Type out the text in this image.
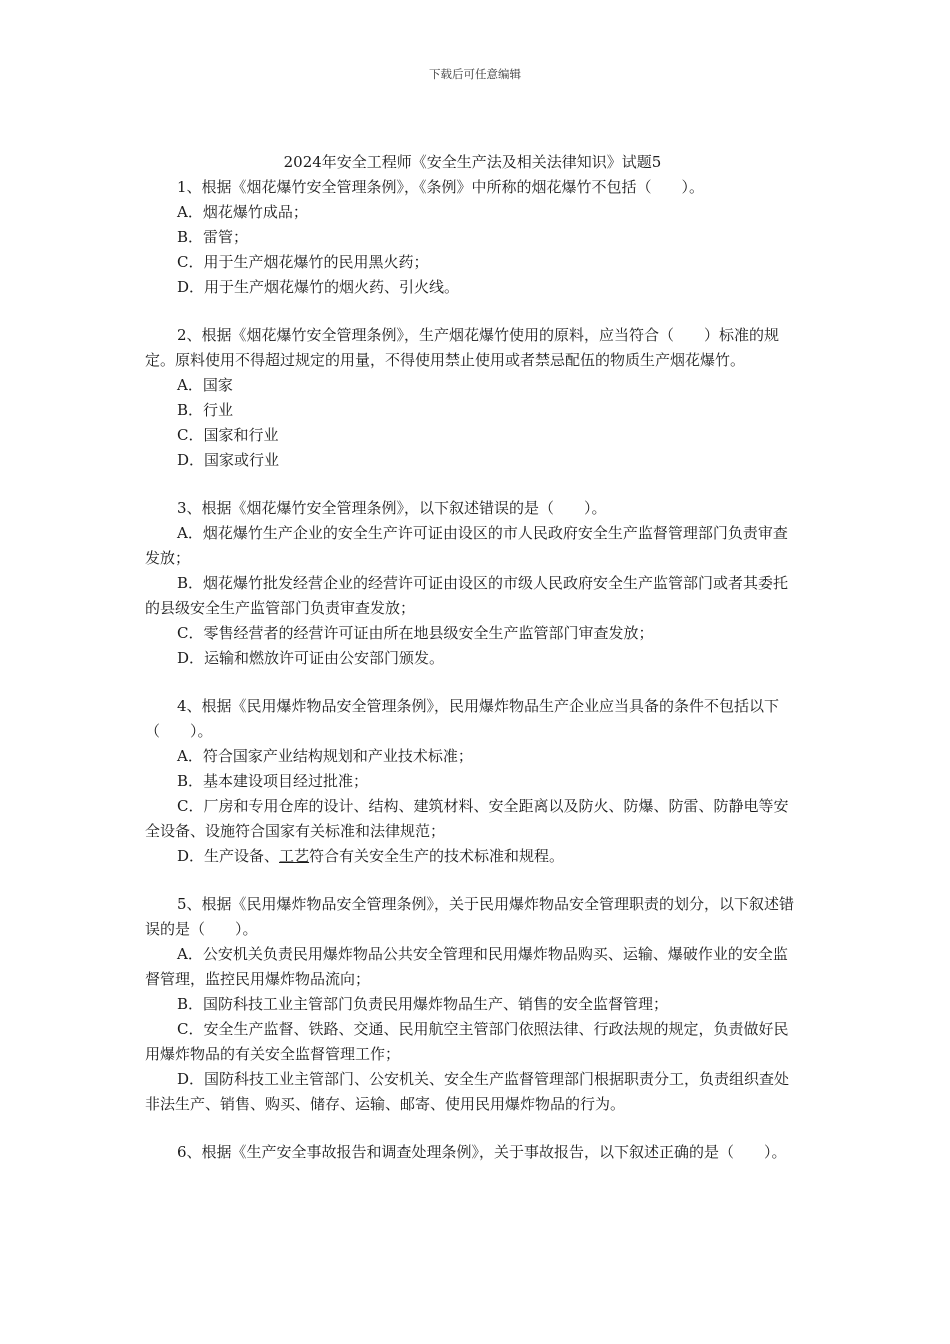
下载后可任意编辑

2024年安全工程师《安全生产法及相关法律知识》试题5

1、根据《烟花爆竹安全管理条例》，《条例》中所称的烟花爆竹不包括（　　）。

A．烟花爆竹成品；

B．雷管；

C．用于生产烟花爆竹的民用黑火药；

D．用于生产烟花爆竹的烟火药、引火线。

2、根据《烟花爆竹安全管理条例》，生产烟花爆竹使用的原料，应当符合（　　）标准的规定。原料使用不得超过规定的用量，不得使用禁止使用或者禁忌配伍的物质生产烟花爆竹。

A．国家

B．行业

C．国家和行业

D．国家或行业

3、根据《烟花爆竹安全管理条例》，以下叙述错误的是（　　）。

A．烟花爆竹生产企业的安全生产许可证由设区的市人民政府安全生产监督管理部门负责审查发放；

B．烟花爆竹批发经营企业的经营许可证由设区的市级人民政府安全生产监管部门或者其委托的县级安全生产监管部门负责审查发放；

C．零售经营者的经营许可证由所在地县级安全生产监管部门审查发放；

D．运输和燃放许可证由公安部门颁发。

4、根据《民用爆炸物品安全管理条例》，民用爆炸物品生产企业应当具备的条件不包括以下（　　）。

A．符合国家产业结构规划和产业技术标准；

B．基本建设项目经过批准；

C．厂房和专用仓库的设计、结构、建筑材料、安全距离以及防火、防爆、防雷、防静电等安全设备、设施符合国家有关标准和法律规范；

D．生产设备、工艺符合有关安全生产的技术标准和规程。

5、根据《民用爆炸物品安全管理条例》，关于民用爆炸物品安全管理职责的划分，以下叙述错误的是（　　）。

A．公安机关负责民用爆炸物品公共安全管理和民用爆炸物品购买、运输、爆破作业的安全监督管理，监控民用爆炸物品流向；

B．国防科技工业主管部门负责民用爆炸物品生产、销售的安全监督管理；

C．安全生产监督、铁路、交通、民用航空主管部门依照法律、行政法规的规定，负责做好民用爆炸物品的有关安全监督管理工作；

D．国防科技工业主管部门、公安机关、安全生产监督管理部门根据职责分工，负责组织查处非法生产、销售、购买、储存、运输、邮寄、使用民用爆炸物品的行为。

6、根据《生产安全事故报告和调查处理条例》，关于事故报告，以下叙述正确的是（　　）。
